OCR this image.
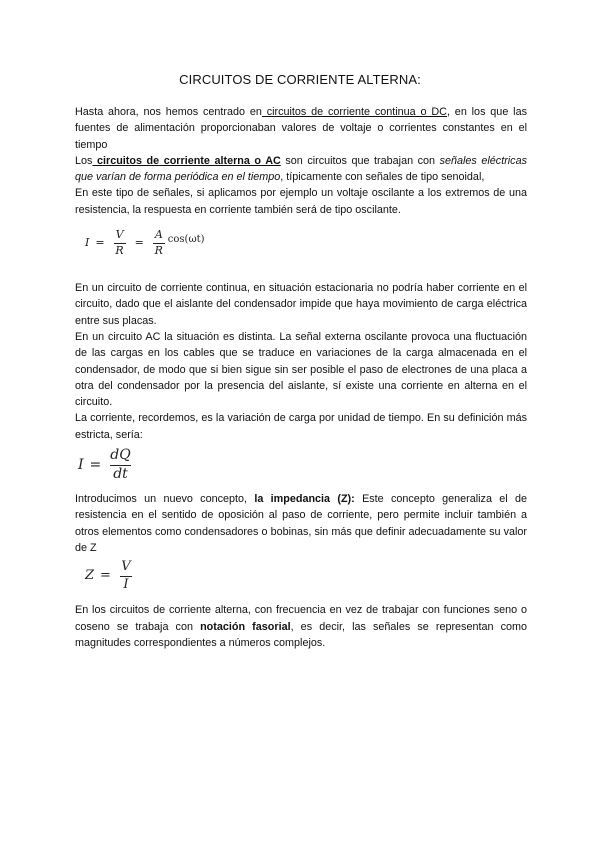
CIRCUITOS DE CORRIENTE ALTERNA:

Hasta ahora, nos hemos centrado en circuitos de corriente continua o DC, en los que las fuentes de alimentación proporcionaban valores de voltaje o corrientes constantes en el tiempo

Los circuitos de corriente alterna o AC son circuitos que trabajan con señales eléctricas que varían de forma periódica en el tiempo, típicamente con señales de tipo senoidal,

En este tipo de señales, si aplicamos por ejemplo un voltaje oscilante a los extremos de una resistencia, la respuesta en corriente también será de tipo oscilante.

$I = \frac{V}{R} = \frac{A}{R} \cos(\omega t)$

En un circuito de corriente continua, en situación estacionaria no podría haber corriente en el circuito, dado que el aislante del condensador impide que haya movimiento de carga eléctrica entre sus placas.

En un circuito AC la situación es distinta. La señal externa oscilante provoca una fluctuación de las cargas en los cables que se traduce en variaciones de la carga almacenada en el condensador, de modo que si bien sigue sin ser posible el paso de electrones de una placa a otra del condensador por la presencia del aislante, sí existe una corriente en alterna en el circuito.

La corriente, recordemos, es la variación de carga por unidad de tiempo. En su definición más estricta, sería:

$I = \frac{dQ}{dt}$

Introducimos un nuevo concepto, la impedancia (Z): Este concepto generaliza el de resistencia en el sentido de oposición al paso de corriente, pero permite incluir también a otros elementos como condensadores o bobinas, sin más que definir adecuadamente su valor de Z

$Z = \frac{V}{I}$

En los circuitos de corriente alterna, con frecuencia en vez de trabajar con funciones seno o coseno se trabaja con notación fasorial, es decir, las señales se representan como magnitudes correspondientes a números complejos.
